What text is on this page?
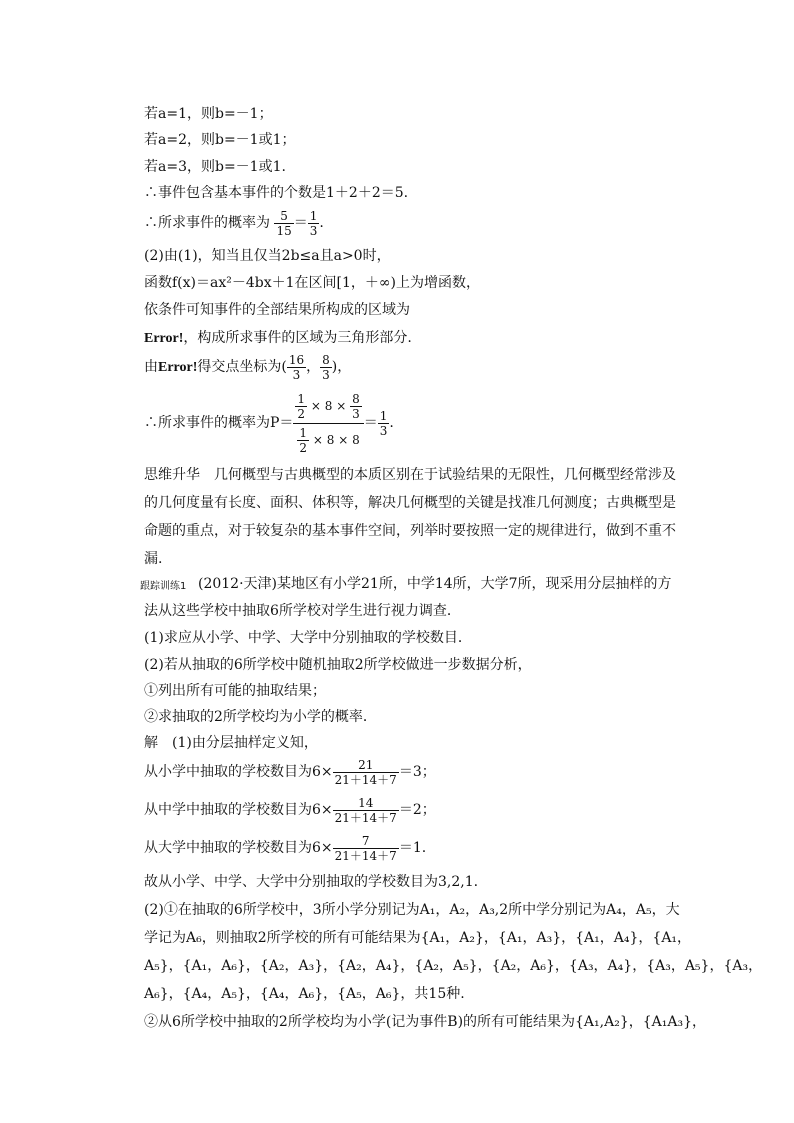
若a=1，则b=－1；
若a=2，则b=－1或1；
若a=3，则b=－1或1.
∴事件包含基本事件的个数是1＋2＋2＝5.
∴所求事件的概率为 $\frac{5}{15} = \frac{1}{3}$ .
(2)由(1)，知当且仅当2b≤a且a>0时，
函数f(x)＝ax²－4bx＋1在区间[1，＋∞)上为增函数，
依条件可知事件的全部结果所构成的区域为
Error!，构成所求事件的区域为三角形部分.
由Error!得交点坐标为( $\frac{16}{3}$ ， $\frac{8}{3}$ )，
∴所求事件的概率为$P= \frac{\frac{1}{2} \times 8 \times \frac{8}{3}}{\frac{1}{2} \times 8 \times 8} = \frac{1}{3}$ .
思维升华　几何概型与古典概型的本质区别在于试验结果的无限性，几何概型经常涉及
的几何度量有长度、面积、体积等，解决几何概型的关键是找准几何测度；古典概型是
命题的重点，对于较复杂的基本事件空间，列举时要按照一定的规律进行，做到不重不
漏.
跟踪训练1 (2012·天津)某地区有小学21所，中学14所，大学7所，现采用分层抽样的方
法从这些学校中抽取6所学校对学生进行视力调查．
(1)求应从小学、中学、大学中分别抽取的学校数目．
(2)若从抽取的6所学校中随机抽取2所学校做进一步数据分析，
①列出所有可能的抽取结果；
②求抽取的2所学校均为小学的概率．
解　(1)由分层抽样定义知，
从小学中抽取的学校数目为$6\times \frac{21}{21+14+7} =3$；
从中学中抽取的学校数目为$6\times \frac{14}{21+14+7} =2$；
从大学中抽取的学校数目为$6\times \frac{7}{21+14+7} =1$.
故从小学、中学、大学中分别抽取的学校数目为3,2,1.
(2)①在抽取的6所学校中，3所小学分别记为A₁，A₂，A₃,2所中学分别记为A₄，A₅，大
学记为A₆，则抽取2所学校的所有可能结果为{A₁，A₂}，{A₁，A₃}，{A₁，A₄}，{A₁，
A₅}，{A₁，A₆}，{A₂，A₃}，{A₂，A₄}，{A₂，A₅}，{A₂，A₆}，{A₃，A₄}，{A₃，A₅}，{A₃，
A₆}，{A₄，A₅}，{A₄，A₆}，{A₅，A₆}，共15种.
②从6所学校中抽取的2所学校均为小学(记为事件B)的所有可能结果为{A₁,A₂}，{A₁A₃}，
